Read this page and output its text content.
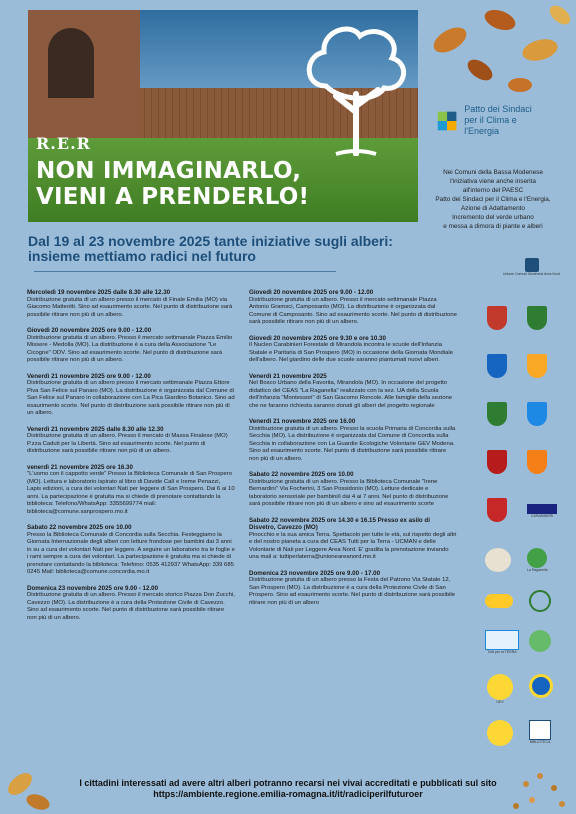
R.E.R
NON IMMAGINARLO,
VIENI A PRENDERLO!
Patto dei Sindaci
per il Clima e l'Energia
Nei Comuni della Bassa Modenese
l'iniziativa viene anche inserita
all'interno del PAESC
Patto dei Sindaci per il Clima e l'Energia,
Azione di Adattamento
Incremento del verde urbano
e messa a dimora di piante e alberi
Dal 19 al 23 novembre 2025 tante iniziative sugli alberi: insieme mettiamo radici nel futuro
Mercoledì 19 novembre 2025 dalle 8.30 alle 12.30
Distribuzione gratuita di un albero presso il mercato di Finale Emilia (MO) via Giacomo Matteotti. Sino ad esaurimento scorte. Nel punto di distribuzione sarà possibile ritirare non più di un albero.
Giovedì 20 novembre 2025 ore 9.00 - 12.00
Distribuzione gratuita di un albero. Presso il mercato settimanale Piazza Emilio Missere - Medolla (MO). La distribuzione è a cura della Associazione "Le Cicogne" ODV. Sino ad esaurimento scorte. Nel punto di distribuzione sarà possibile ritirare non più di un albero.
Venerdì 21 novembre 2025 ore 9.00 - 12.00
Distribuzione gratuita di un albero presso il mercato settimanale Piazza Ettore Piva San Felice sul Panaro (MO). La distribuzione è organizzata dal Comune di San Felice sul Panaro in collaborazione con La Pica Giardino Botanico. Sino ad esaurimento scorte. Nel punto di distribuzione sarà possibile ritirare non più di un albero.
Venerdì 21 novembre 2025 dalle 8.30 alle 12.30
Distribuzione gratuita di un albero. Presso il mercato di Massa Finalese (MO) P.zza Caduti per la Libertà. Sino ad esaurimento scorte. Nel punto di distribuzione sarà possibile ritirare non più di un albero.
venerdì 21 novembre 2025 ore 16.30
"L'uomo con il cappotto verde" Presso la Biblioteca Comunale di San Prospero (MO). Lettura e laboratorio ispirato al libro di Davide Calì e Ireme Penazzi, Lapis edizioni, a cura dei volontari Nati per leggere di San Prospero. Dai 6 ai 10 anni. La partecipazione è gratuita ma si chiede di prenotare contattando la biblioteca: Telefono/WhatsApp: 3355699774 mail: biblioteca@comune.sanprospero.mo.it
Sabato 22 novembre 2025 ore 10.00
Presso la Biblioteca Comunale di Concordia sulla Secchia. Festeggiamo la Giornata Internazionale degli alberi con letture frondose per bambini dai 3 anni in su a cura dei volontari Nati per leggere. A seguire un laboratorio tra le foglie e i rami sempre a cura dei volontari. La partecipazione è gratuita ma si chiede di prenotare contattando la biblioteca: Telefono: 0535 412937 WhatsApp: 339 685 0245 Mail: biblioteca@comune.concordia.mo.it
Domenica 23 novembre 2025 ore 9.00 - 12.00
Distribuzione gratuita di un albero. Presso il mercato storico Piazza Don Zucchi, Cavezzo (MO). La distribuzione è a cura della Protezione Civile di Cavezzo. Sino ad esaurimento scorte. Nel punto di distribuzione sarà possibile ritirare non più di un albero.
Giovedì 20 novembre 2025 ore 9.00 - 12.00
Distribuzione gratuita di un albero. Presso il mercato settimanale Piazza Antonio Gramsci, Camposanto (MO). La distribuzione è organizzata dal Comune di Camposanto. Sino ad esaurimento scorte. Nel punto di distribuzione sarà possibile ritirare non più di un albero.
Giovedì 20 novembre 2025 ore 9.30 e ore 10.30
Il Nucleo Carabinieri Forestale di Mirandola incontra le scuole dell'Infanzia Statale e Paritaria di San Prospero (MO) in occasione della Giornata Mondiale dell'albero. Nel giardino delle due scuole saranno piantumati nuovi alberi.
Venerdì 21 novembre 2025
Nel Bosco Urbano della Favorita, Mirandola (MO). In occasione del progetto didattico del CEAS "La Raganella" realizzato con la sez. UA della Scuola dell'Infanzia "Montessori" di San Giacomo Roncole. Alle famiglie della sezione che ne faranno richiesta saranno donati gli alberi del progetto regionale
Venerdì 21 novembre 2025 ore 16.00
Distribuzione gratuita di un albero. Presso la scuola Primaria di Concordia sulla Secchia (MO). La distribuzione è organizzata dal Comune di Concordia sulla Secchia in collaborazione con La Guardie Ecologiche Volontarie GEV Modena. Sino ad esaurimento scorte. Nel punto di distribuzione sarà possibile ritirare non più di un albero.
Sabato 22 novembre 2025 ore 10.00
Distribuzione gratuita di un albero. Presso la Biblioteca Comunale "Irene Bernardini" Via Focherini, 3 San Possidonio (MO). Letture dedicate e laboratorio sensoriale per bambini/i dai 4 ai 7 anni. Nel punto di distribuzione sarà possibile ritirare non più di un albero e sino ad esaurimento scorte
Sabato 22 novembre 2025 ore 14.30 e 16.15 Presso ex asilo di Disvetro, Cavezzo (MO)
Pinocchio e la sua amica Terra. Spettacolo per tutte le età, sul rispetto degli altri e del nostro pianeta a cura del CEAS Tutti per la Terra - UCMAN e delle Volontarie di Nati per Leggere Area Nord. E' gradita la prenotazione inviando una mail a: tuttiperlaterra@unioneareanord.mo.it
Domenica 23 novembre 2025 ore 9.00 - 17.00
Distribuzione gratuita di un albero presso la Festa del Patrono Via Statale 12, San Prospero (MO). La distribuzione è a cura della Protezione Civile di San Prospero. Sino ad esaurimento scorte. Nel punto di distribuzione sarà possibile ritirare non più di un albero
Unione Comuni Modenesi Area Nord
CARABINIERI
La Raganella
Tutti per la TERRA
GEV
BIBLIOTECA
I cittadini interessati ad avere altri alberi potranno recarsi nei vivai accreditati e pubblicati sul sito
https://ambiente.regione.emilia-romagna.it/it/radiciperilfuturoer
